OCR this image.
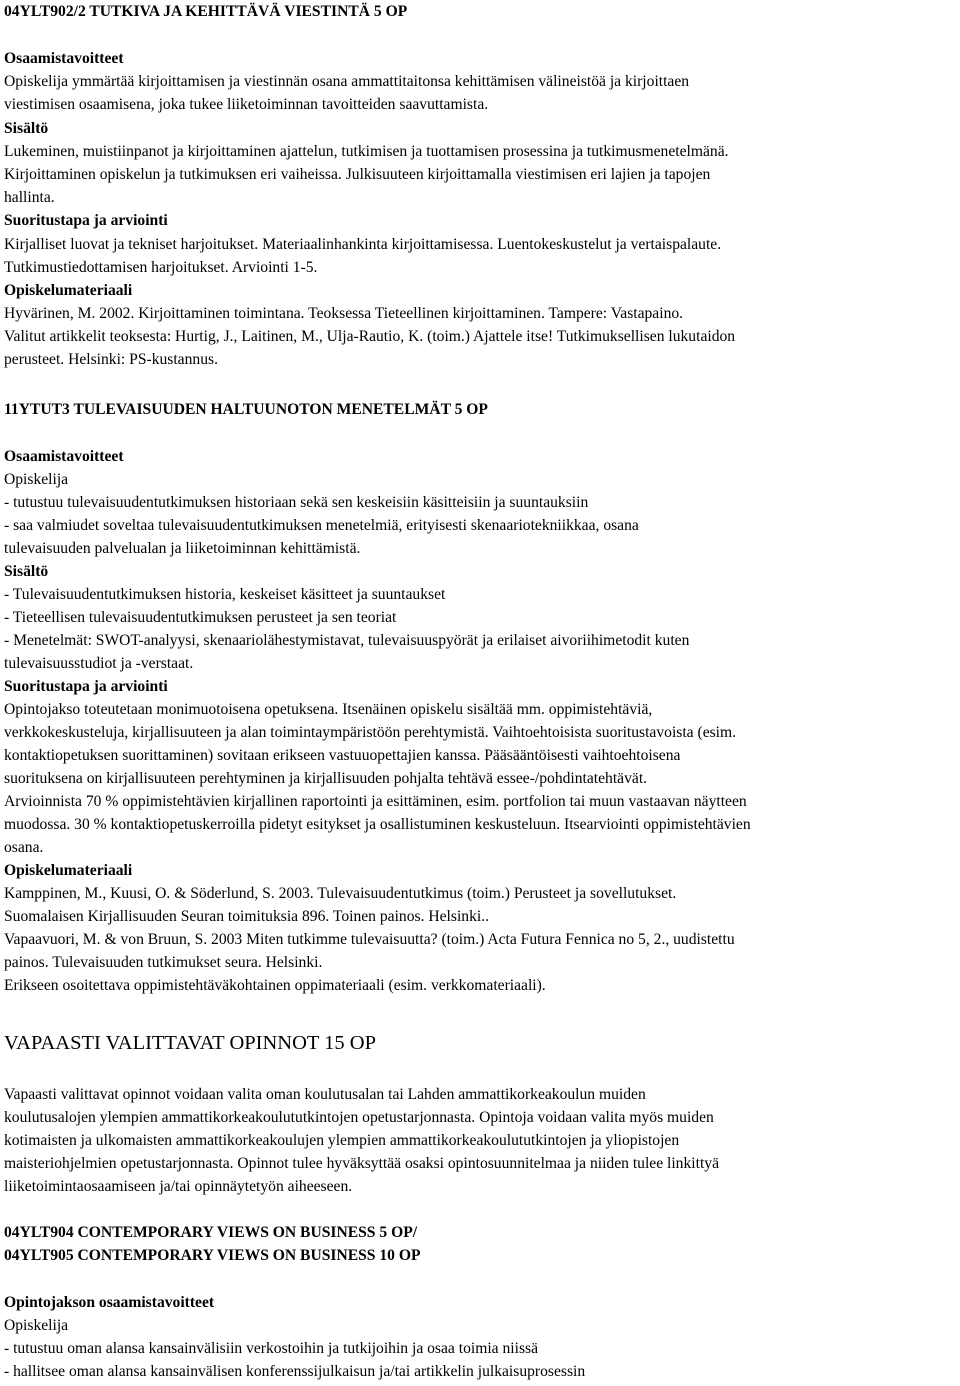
04YLT902/2 TUTKIVA JA KEHITTÄVÄ VIESTINTÄ 5 OP

Osaamistavoitteet

Opiskelija ymmärtää kirjoittamisen ja viestinnän osana ammattitaitonsa kehittämisen välineistöä ja kirjoittaen

viestimisen osaamisena, joka tukee liiketoiminnan tavoitteiden saavuttamista.

Sisältö

Lukeminen, muistiinpanot ja kirjoittaminen ajattelun, tutkimisen ja tuottamisen prosessina ja tutkimusmenetelmänä.

Kirjoittaminen opiskelun ja tutkimuksen eri vaiheissa. Julkisuuteen kirjoittamalla viestimisen eri lajien ja tapojen

hallinta.

Suoritustapa ja arviointi

Kirjalliset luovat ja tekniset harjoitukset. Materiaalinhankinta kirjoittamisessa. Luentokeskustelut ja vertaispalaute.

Tutkimustiedottamisen harjoitukset. Arviointi 1-5.

Opiskelumateriaali

Hyvärinen, M. 2002. Kirjoittaminen toimintana. Teoksessa Tieteellinen kirjoittaminen. Tampere: Vastapaino.

Valitut artikkelit teoksesta: Hurtig, J., Laitinen, M., Ulja-Rautio, K. (toim.) Ajattele itse! Tutkimuksellisen lukutaidon

perusteet. Helsinki: PS-kustannus.

11YTUT3 TULEVAISUUDEN HALTUUNOTON MENETELMÄT 5 OP

Osaamistavoitteet

Opiskelija

- tutustuu tulevaisuudentutkimuksen historiaan sekä sen keskeisiin käsitteisiin ja suuntauksiin

- saa valmiudet soveltaa tulevaisuudentutkimuksen menetelmiä, erityisesti skenaariotekniikkaa, osana

tulevaisuuden palvelualan ja liiketoiminnan kehittämistä.

Sisältö

- Tulevaisuudentutkimuksen historia, keskeiset käsitteet ja suuntaukset

- Tieteellisen tulevaisuudentutkimuksen perusteet ja sen teoriat

- Menetelmät: SWOT-analyysi, skenaariolähestymistavat, tulevaisuuspyörät ja erilaiset aivoriihimetodit kuten

tulevaisuusstudiot ja -verstaat.

Suoritustapa ja arviointi

Opintojakso toteutetaan monimuotoisena opetuksena. Itsenäinen opiskelu sisältää mm. oppimistehtäviä,

verkkokeskusteluja, kirjallisuuteen ja alan toimintaympäristöön perehtymistä. Vaihtoehtoisista suoritustavoista (esim.

kontaktiopetuksen suorittaminen) sovitaan erikseen vastuuopettajien kanssa. Pääsääntöisesti vaihtoehtoisena

suorituksena on kirjallisuuteen perehtyminen ja kirjallisuuden pohjalta tehtävä essee-/pohdintatehtävät.

Arvioinnista 70 % oppimistehtävien kirjallinen raportointi ja esittäminen, esim. portfolion tai muun vastaavan näytteen

muodossa. 30 % kontaktiopetuskerroilla pidetyt esitykset ja osallistuminen keskusteluun. Itsearviointi oppimistehtävien

osana.

Opiskelumateriaali

Kamppinen, M., Kuusi, O. & Söderlund, S. 2003. Tulevaisuudentutkimus (toim.) Perusteet ja sovellutukset.

Suomalaisen Kirjallisuuden Seuran toimituksia 896. Toinen painos. Helsinki..

Vapaavuori, M. & von Bruun, S. 2003 Miten tutkimme tulevaisuutta? (toim.) Acta Futura Fennica no 5, 2., uudistettu

painos. Tulevaisuuden tutkimukset seura. Helsinki.

Erikseen osoitettava oppimistehtäväkohtainen oppimateriaali (esim. verkkomateriaali).

VAPAASTI VALITTAVAT OPINNOT 15 OP

Vapaasti valittavat opinnot voidaan valita oman koulutusalan tai Lahden ammattikorkeakoulun muiden

koulutusalojen ylempien ammattikorkeakoulututkintojen opetustarjonnasta. Opintoja voidaan valita myös muiden

kotimaisten ja ulkomaisten ammattikorkeakoulujen ylempien ammattikorkeakoulututkintojen ja yliopistojen

maisteriohjelmien opetustarjonnasta. Opinnot tulee hyväksyttää osaksi opintosuunnitelmaa ja niiden tulee linkittyä

liiketoimintaosaamiseen ja/tai opinnäytetyön aiheeseen.

04YLT904 CONTEMPORARY VIEWS ON BUSINESS 5 OP/

04YLT905 CONTEMPORARY VIEWS ON BUSINESS 10 OP

Opintojakson osaamistavoitteet

Opiskelija

- tutustuu oman alansa kansainvälisiin verkostoihin ja tutkijoihin ja osaa toimia niissä

- hallitsee oman alansa kansainvälisen konferenssijulkaisun ja/tai artikkelin julkaisuprosessin
